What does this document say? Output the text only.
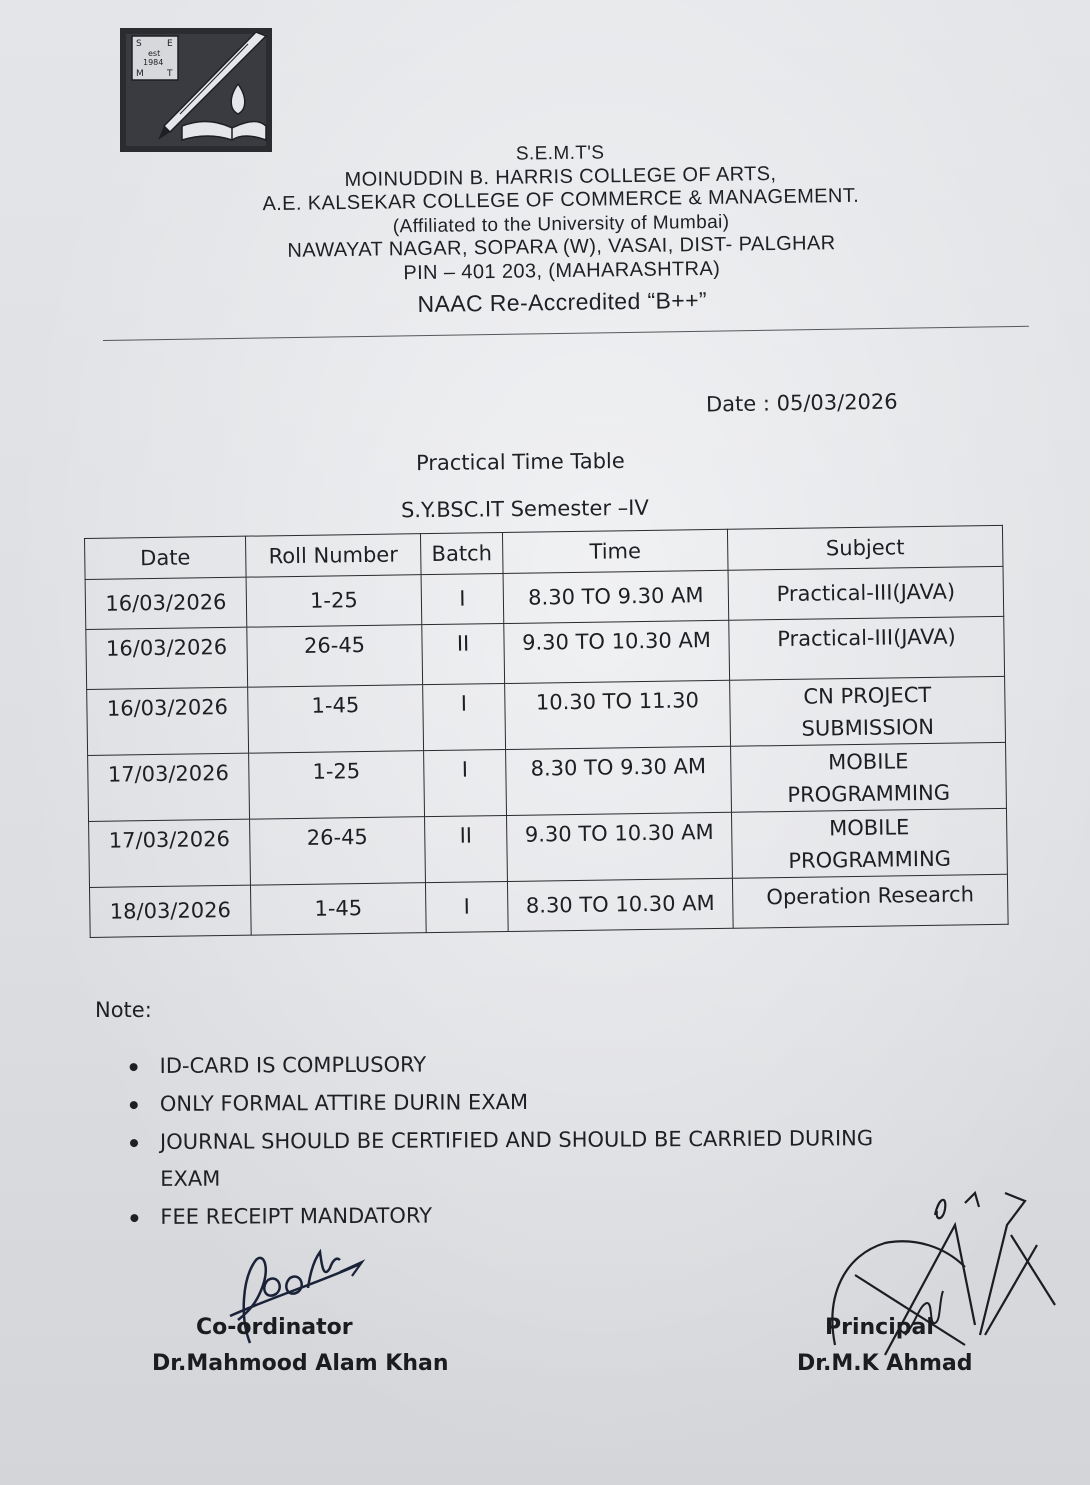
S	E
M	T
est
1984
S.E.M.T'S
MOINUDDIN B. HARRIS COLLEGE OF ARTS,
A.E. KALSEKAR COLLEGE OF COMMERCE & MANAGEMENT.
(Affiliated to the University of Mumbai)
NAWAYAT NAGAR, SOPARA (W), VASAI, DIST- PALGHAR
PIN – 401 203, (MAHARASHTRA)
NAAC Re-Accredited “B++”
Date : 05/03/2026
Practical Time Table
S.Y.BSC.IT Semester –IV
Date	Roll Number	Batch	Time	Subject
16/03/2026	1-25	I	8.30 TO 9.30 AM	Practical-III(JAVA)
16/03/2026	26-45	II	9.30 TO 10.30 AM	Practical-III(JAVA)
16/03/2026	1-45	I	10.30 TO 11.30	CN PROJECT SUBMISSION
17/03/2026	1-25	I	8.30 TO 9.30 AM	MOBILE PROGRAMMING
17/03/2026	26-45	II	9.30 TO 10.30 AM	MOBILE PROGRAMMING
18/03/2026	1-45	I	8.30 TO 10.30 AM	Operation Research
Note:
ID-CARD IS COMPLUSORY
ONLY FORMAL ATTIRE DURIN EXAM
JOURNAL SHOULD BE CERTIFIED AND SHOULD BE CARRIED DURING EXAM
FEE RECEIPT MANDATORY
Co-ordinator
Dr.Mahmood Alam Khan
Principal
Dr.M.K Ahmad
